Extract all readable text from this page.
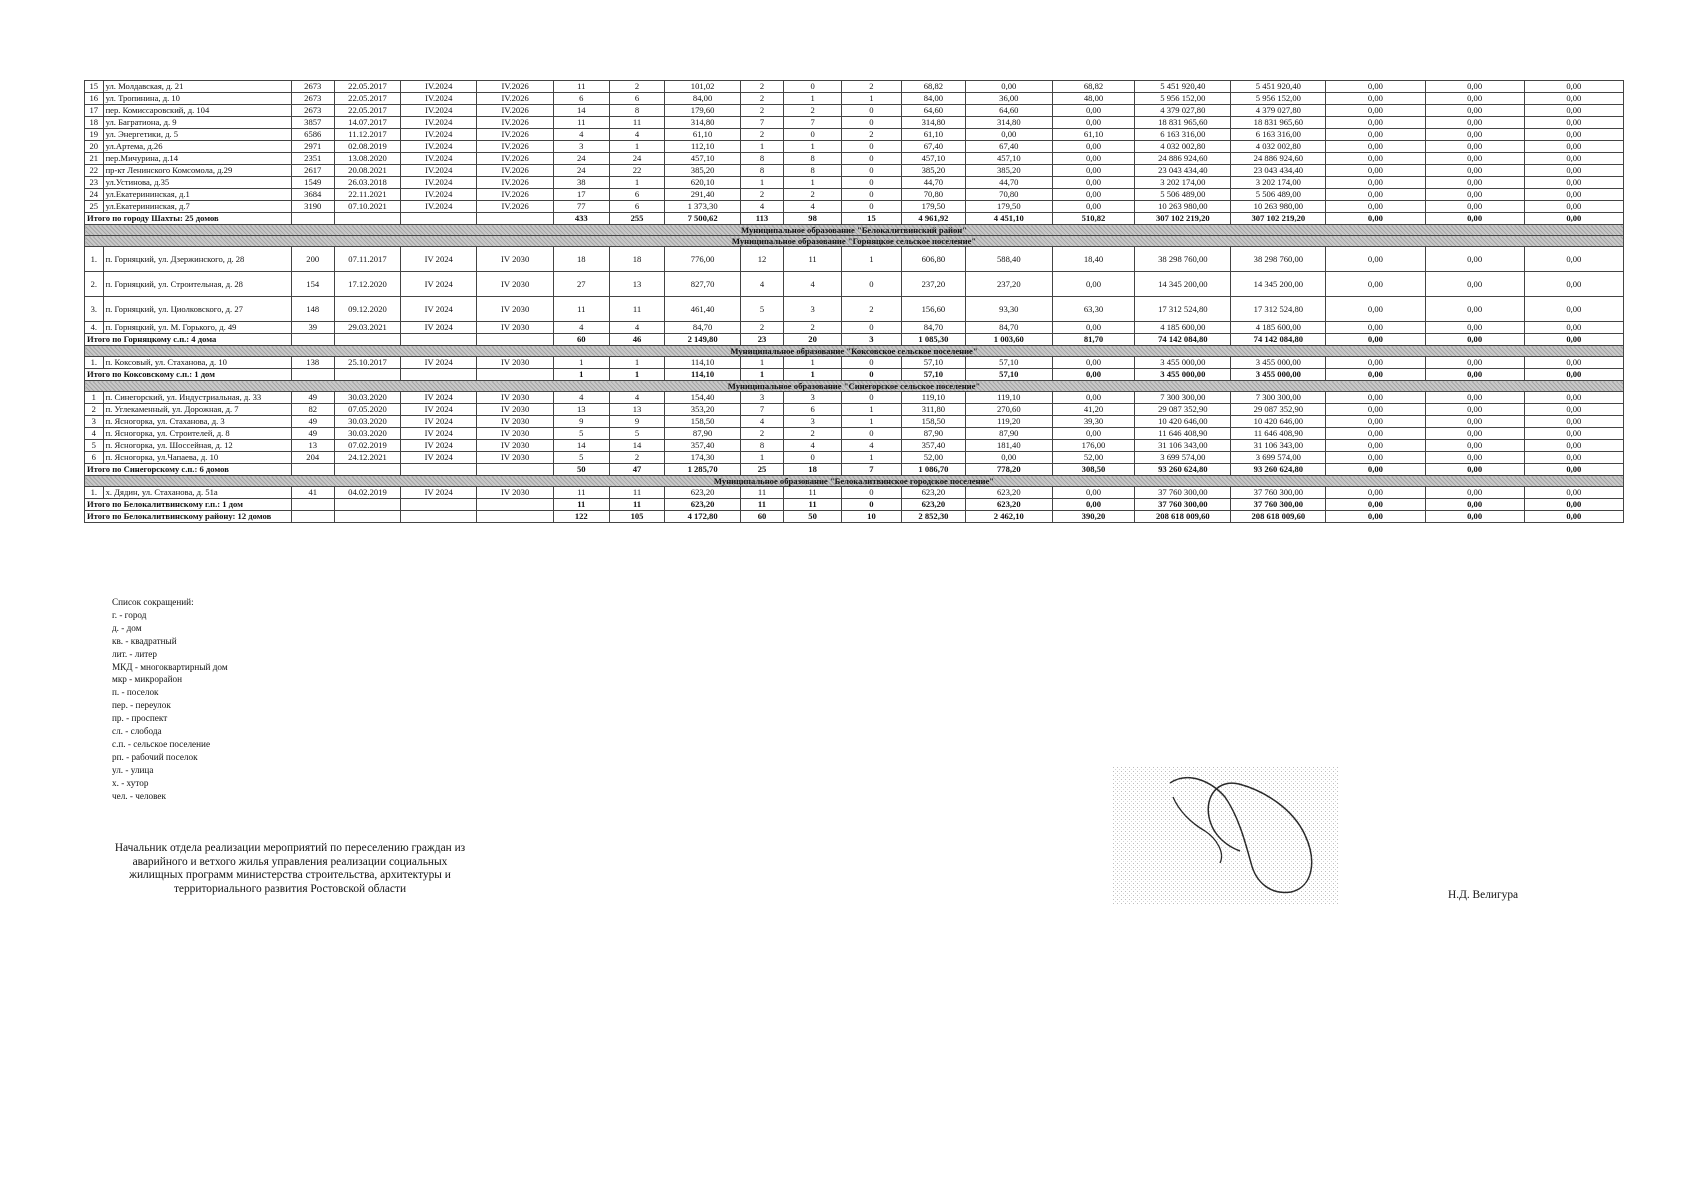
15	ул. Молдавская, д. 21	2673	22.05.2017	IV.2024	IV.2026	11	2	101,02	2	0	2	68,82	0,00	68,82	5 451 920,40	5 451 920,40	0,00	0,00	0,00
16	ул. Тропинина, д. 10	2673	22.05.2017	IV.2024	IV.2026	6	6	84,00	2	1	1	84,00	36,00	48,00	5 956 152,00	5 956 152,00	0,00	0,00	0,00
17	пер. Комиссаровский, д. 104	2673	22.05.2017	IV.2024	IV.2026	14	8	179,60	2	2	0	64,60	64,60	0,00	4 379 027,80	4 379 027,80	0,00	0,00	0,00
18	ул. Багратиона, д. 9	3857	14.07.2017	IV.2024	IV.2026	11	11	314,80	7	7	0	314,80	314,80	0,00	18 831 965,60	18 831 965,60	0,00	0,00	0,00
19	ул. Энергетики, д. 5	6586	11.12.2017	IV.2024	IV.2026	4	4	61,10	2	0	2	61,10	0,00	61,10	6 163 316,00	6 163 316,00	0,00	0,00	0,00
20	ул.Артема, д.26	2971	02.08.2019	IV.2024	IV.2026	3	1	112,10	1	1	0	67,40	67,40	0,00	4 032 002,80	4 032 002,80	0,00	0,00	0,00
21	пер.Мичурина, д.14	2351	13.08.2020	IV.2024	IV.2026	24	24	457,10	8	8	0	457,10	457,10	0,00	24 886 924,60	24 886 924,60	0,00	0,00	0,00
22	пр-кт Ленинского Комсомола, д.29	2617	20.08.2021	IV.2024	IV.2026	24	22	385,20	8	8	0	385,20	385,20	0,00	23 043 434,40	23 043 434,40	0,00	0,00	0,00
23	ул.Устинова, д.35	1549	26.03.2018	IV.2024	IV.2026	38	1	620,10	1	1	0	44,70	44,70	0,00	3 202 174,00	3 202 174,00	0,00	0,00	0,00
24	ул.Екатерининская, д.1	3684	22.11.2021	IV.2024	IV.2026	17	6	291,40	2	2	0	70,80	70,80	0,00	5 506 489,00	5 506 489,00	0,00	0,00	0,00
25	ул.Екатерининская, д.7	3190	07.10.2021	IV.2024	IV.2026	77	6	1 373,30	4	4	0	179,50	179,50	0,00	10 263 980,00	10 263 980,00	0,00	0,00	0,00
Итого по городу Шахты: 25 домов						433	255	7 500,62	113	98	15	4 961,92	4 451,10	510,82	307 102 219,20	307 102 219,20	0,00	0,00	0,00
Муниципальное образование "Белокалитвинский район"																			
Муниципальное образование "Горняцкое сельское поселение"																			
1.	п. Горняцкий, ул. Дзержинского, д. 28	200	07.11.2017	IV 2024	IV 2030	18	18	776,00	12	11	1	606,80	588,40	18,40	38 298 760,00	38 298 760,00	0,00	0,00	0,00
2.	п. Горняцкий, ул. Строительная, д. 28	154	17.12.2020	IV 2024	IV 2030	27	13	827,70	4	4	0	237,20	237,20	0,00	14 345 200,00	14 345 200,00	0,00	0,00	0,00
3.	п. Горняцкий, ул. Циолковского, д. 27	148	09.12.2020	IV 2024	IV 2030	11	11	461,40	5	3	2	156,60	93,30	63,30	17 312 524,80	17 312 524,80	0,00	0,00	0,00
4.	п. Горняцкий, ул. М. Горького, д. 49	39	29.03.2021	IV 2024	IV 2030	4	4	84,70	2	2	0	84,70	84,70	0,00	4 185 600,00	4 185 600,00	0,00	0,00	0,00
Итого по Горняцкому с.п.: 4 дома						60	46	2 149,80	23	20	3	1 085,30	1 003,60	81,70	74 142 084,80	74 142 084,80	0,00	0,00	0,00
Муниципальное образование "Коксовское сельское поселение"																			
1.	п. Коксовый, ул. Стаханова, д. 10	138	25.10.2017	IV 2024	IV 2030	1	1	114,10	1	1	0	57,10	57,10	0,00	3 455 000,00	3 455 000,00	0,00	0,00	0,00
Итого по Коксовскому с.п.: 1 дом						1	1	114,10	1	1	0	57,10	57,10	0,00	3 455 000,00	3 455 000,00	0,00	0,00	0,00
Муниципальное образование "Синегорское сельское поселение"																			
1	п. Синегорский, ул. Индустриальная, д. 33	49	30.03.2020	IV 2024	IV 2030	4	4	154,40	3	3	0	119,10	119,10	0,00	7 300 300,00	7 300 300,00	0,00	0,00	0,00
2	п. Углекаменный, ул. Дорожная, д. 7	82	07.05.2020	IV 2024	IV 2030	13	13	353,20	7	6	1	311,80	270,60	41,20	29 087 352,90	29 087 352,90	0,00	0,00	0,00
3	п. Ясногорка, ул. Стаханова, д. 3	49	30.03.2020	IV 2024	IV 2030	9	9	158,50	4	3	1	158,50	119,20	39,30	10 420 646,00	10 420 646,00	0,00	0,00	0,00
4	п. Ясногорка, ул. Строителей, д. 8	49	30.03.2020	IV 2024	IV 2030	5	5	87,90	2	2	0	87,90	87,90	0,00	11 646 408,90	11 646 408,90	0,00	0,00	0,00
5	п. Ясногорка, ул. Шоссейная, д. 12	13	07.02.2019	IV 2024	IV 2030	14	14	357,40	8	4	4	357,40	181,40	176,00	31 106 343,00	31 106 343,00	0,00	0,00	0,00
6	п. Ясногорка, ул.Чапаева, д. 10	204	24.12.2021	IV 2024	IV 2030	5	2	174,30	1	0	1	52,00	0,00	52,00	3 699 574,00	3 699 574,00	0,00	0,00	0,00
Итого по Синегорскому с.п.: 6 домов						50	47	1 285,70	25	18	7	1 086,70	778,20	308,50	93 260 624,80	93 260 624,80	0,00	0,00	0,00
Муниципальное образование "Белокалитвинское городское поселение"																			
1.	х. Дядин, ул. Стаханова, д. 51а	41	04.02.2019	IV 2024	IV 2030	11	11	623,20	11	11	0	623,20	623,20	0,00	37 760 300,00	37 760 300,00	0,00	0,00	0,00
Итого по Белокалитвинскому г.п.: 1 дом						11	11	623,20	11	11	0	623,20	623,20	0,00	37 760 300,00	37 760 300,00	0,00	0,00	0,00
Итого по Белокалитвинскому району: 12 домов						122	105	4 172,80	60	50	10	2 852,30	2 462,10	390,20	208 618 009,60	208 618 009,60	0,00	0,00	0,00
Список сокращений:
г. - город
д. - дом
кв. - квадратный
лит. - литер
МКД - многоквартирный дом
мкр - микрорайон
п. - поселок
пер. - переулок
пр. - проспект
сл. - слобода
с.п. - сельское поселение
рп. - рабочий поселок
ул. - улица
х. - хутор
чел. - человек
Начальник отдела реализации мероприятий по переселению граждан из
аварийного и ветхого жилья управления реализации социальных
жилищных программ министерства строительства, архитектуры и
территориального развития Ростовской области
Н.Д. Велигура
